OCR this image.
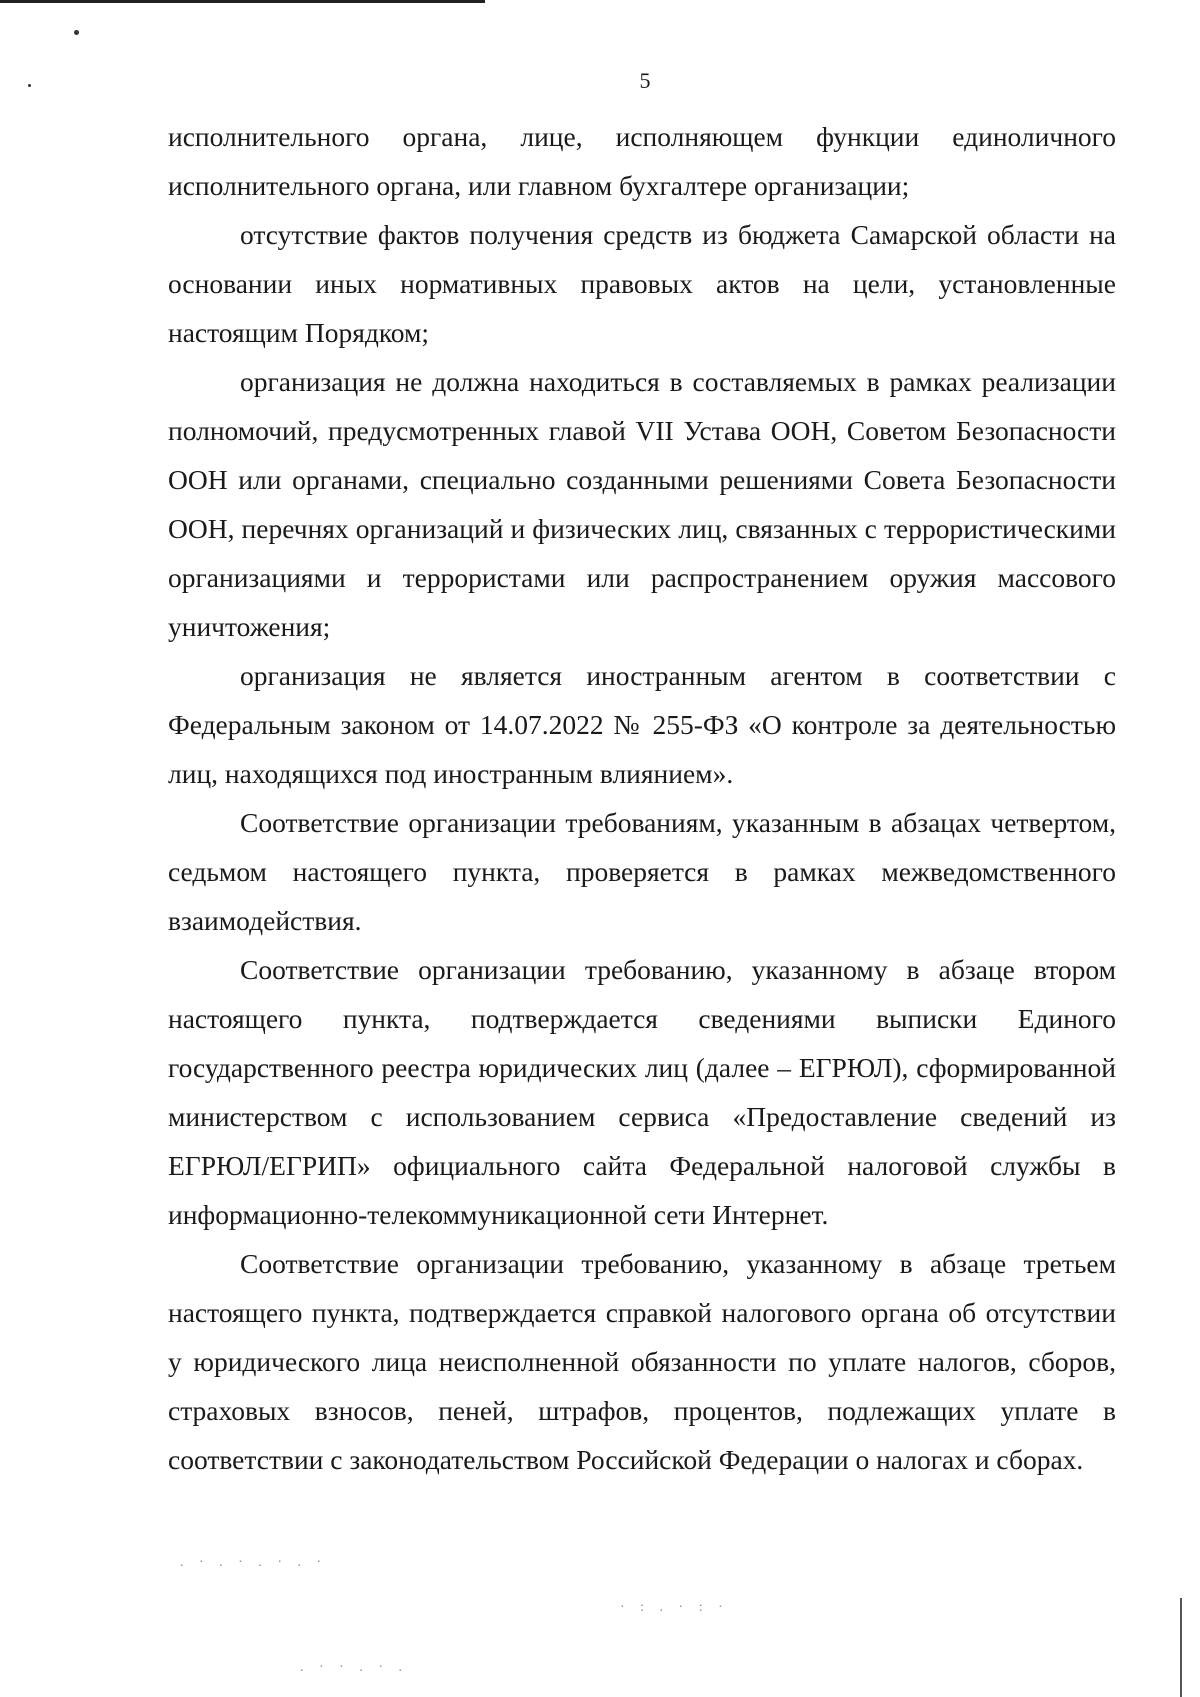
5

исполнительного органа, лице, исполняющем функции единоличного исполнительного органа, или главном бухгалтере организации;

отсутствие фактов получения средств из бюджета Самарской области на основании иных нормативных правовых актов на цели, установленные настоящим Порядком;

организация не должна находиться в составляемых в рамках реализации полномочий, предусмотренных главой VII Устава ООН, Советом Безопасности ООН или органами, специально созданными решениями Совета Безопасности ООН, перечнях организаций и физических лиц, связанных с террористическими организациями и террористами или распространением оружия массового уничтожения;

организация не является иностранным агентом в соответствии с Федеральным законом от 14.07.2022 № 255-ФЗ «О контроле за деятельностью лиц, находящихся под иностранным влиянием».

Соответствие организации требованиям, указанным в абзацах четвертом, седьмом настоящего пункта, проверяется в рамках межведомственного взаимодействия.

Соответствие организации требованию, указанному в абзаце втором настоящего пункта, подтверждается сведениями выписки Единого государственного реестра юридических лиц (далее – ЕГРЮЛ), сформированной министерством с использованием сервиса «Предоставление сведений из ЕГРЮЛ/ЕГРИП» официального сайта Федеральной налоговой службы в информационно-телекоммуникационной сети Интернет.

Соответствие организации требованию, указанному в абзаце третьем настоящего пункта, подтверждается справкой налогового органа об отсутствии у юридического лица неисполненной обязанности по уплате налогов, сборов, страховых взносов, пеней, штрафов, процентов, подлежащих уплате в соответствии с законодательством Российской Федерации о налогах и сборах.

. · . · . · . ·
· : . · : ·
. · · . · .
